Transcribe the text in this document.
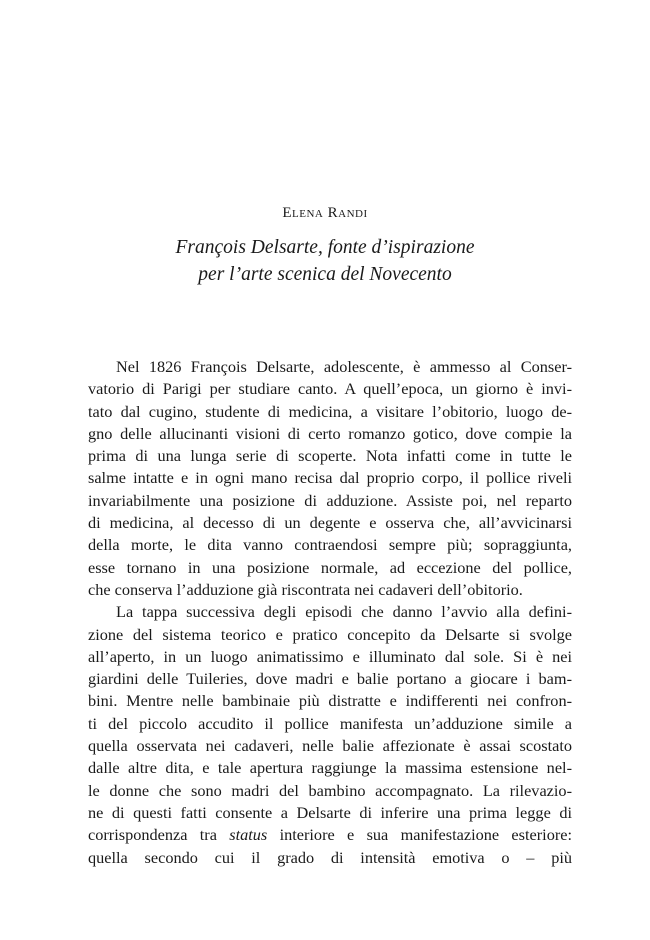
Elena Randi
François Delsarte, fonte d’ispirazione
per l’arte scenica del Novecento
Nel 1826 François Delsarte, adolescente, è ammesso al Conser-
vatorio di Parigi per studiare canto. A quell’epoca, un giorno è invi-
tato dal cugino, studente di medicina, a visitare l’obitorio, luogo de-
gno delle allucinanti visioni di certo romanzo gotico, dove compie la
prima di una lunga serie di scoperte. Nota infatti come in tutte le
salme intatte e in ogni mano recisa dal proprio corpo, il pollice riveli
invariabilmente una posizione di adduzione. Assiste poi, nel reparto
di medicina, al decesso di un degente e osserva che, all’avvicinarsi
della morte, le dita vanno contraendosi sempre più; sopraggiunta,
esse tornano in una posizione normale, ad eccezione del pollice,
che conserva l’adduzione già riscontrata nei cadaveri dell’obitorio.
La tappa successiva degli episodi che danno l’avvio alla defini-
zione del sistema teorico e pratico concepito da Delsarte si svolge
all’aperto, in un luogo animatissimo e illuminato dal sole. Si è nei
giardini delle Tuileries, dove madri e balie portano a giocare i bam-
bini. Mentre nelle bambinaie più distratte e indifferenti nei confron-
ti del piccolo accudito il pollice manifesta un’adduzione simile a
quella osservata nei cadaveri, nelle balie affezionate è assai scostato
dalle altre dita, e tale apertura raggiunge la massima estensione nel-
le donne che sono madri del bambino accompagnato. La rilevazio-
ne di questi fatti consente a Delsarte di inferire una prima legge di
corrispondenza tra status interiore e sua manifestazione esteriore:
quella secondo cui il grado di intensità emotiva o – più
